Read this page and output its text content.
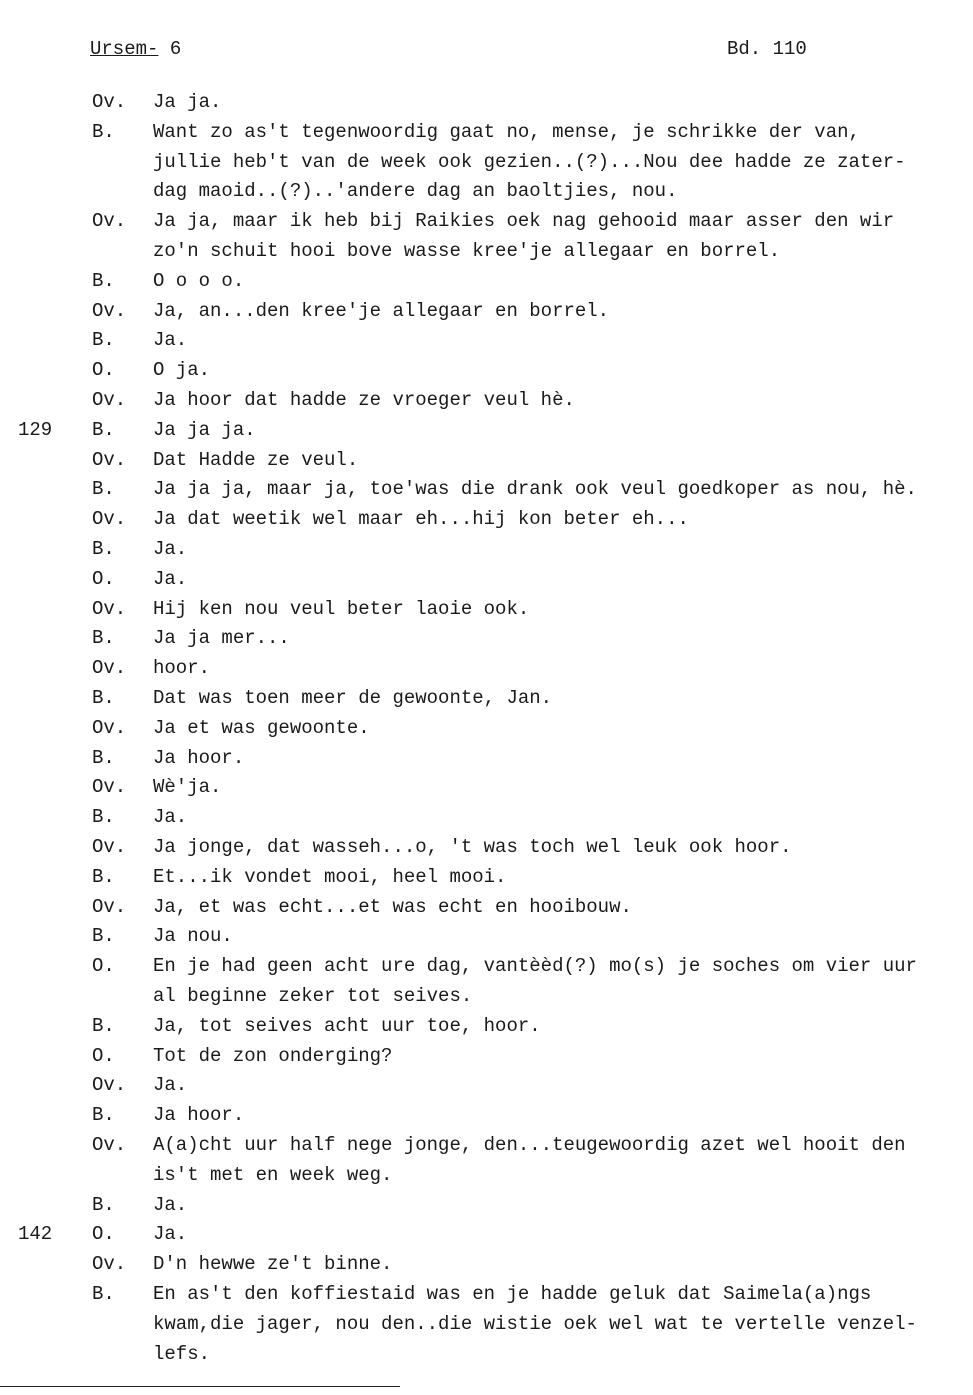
Ursem- 6	Bd. 110
Ov. Ja ja.
B. Want zo as't tegenwoordig gaat no, mense, je schrikke der van,
jullie heb't van de week ook gezien..(?)...Nou dee hadde ze zater-
dag maoid..(?)..'andere dag an baoltjies, nou.
Ov. Ja ja, maar ik heb bij Raikies oek nag gehooid maar asser den wir
zo'n schuit hooi bove wasse kree'je allegaar en borrel.
B. O o o o.
Ov. Ja, an...den kree'je allegaar en borrel.
B. Ja.
O. O ja.
Ov. Ja hoor dat hadde ze vroeger veul hè.
B. Ja ja ja.
Ov. Dat Hadde ze veul.
B. Ja ja ja, maar ja, toe'was die drank ook veul goedkoper as nou, hè.
Ov. Ja dat weetik wel maar eh...hij kon beter eh...
B. Ja.
O. Ja.
Ov. Hij ken nou veul beter laoie ook.
B. Ja ja mer...
Ov. hoor.
B. Dat was toen meer de gewoonte, Jan.
Ov. Ja et was gewoonte.
B. Ja hoor.
Ov. Wè'ja.
B. Ja.
Ov. Ja jonge, dat wasseh...o, 't was toch wel leuk ook hoor.
B. Et...ik vondet mooi, heel mooi.
Ov. Ja, et was echt...et was echt en hooibouw.
B. Ja nou.
O. En je had geen acht ure dag, vantèèd(?) mo(s) je soches om vier uur
al beginne zeker tot seives.
B. Ja, tot seives acht uur toe, hoor.
O. Tot de zon onderging?
Ov. Ja.
B. Ja hoor.
Ov. A(a)cht uur half nege jonge, den...teugewoordig azet wel hooit den
is't met en week weg.
B. Ja.
O. Ja.
Ov. D'n hewwe ze't binne.
B. En as't den koffiestaid was en je hadde geluk dat Saimela(a)ngs
kwam,die jager, nou den..die wistie oek wel wat te vertelle venzel-
lefs.
129
142
